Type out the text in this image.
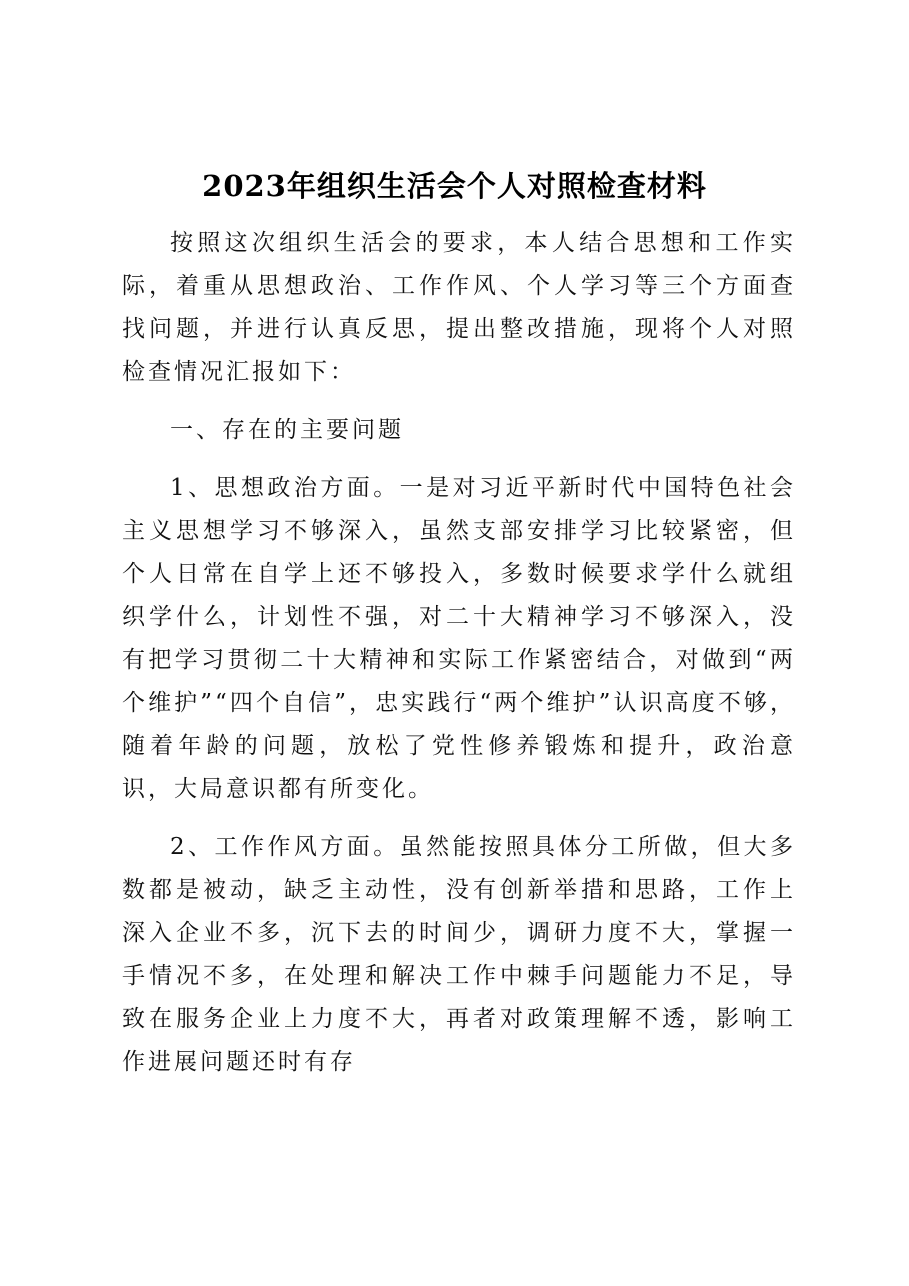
2023年组织生活会个人对照检查材料

按照这次组织生活会的要求，本人结合思想和工作实际，着重从思想政治、工作作风、个人学习等三个方面查找问题，并进行认真反思，提出整改措施，现将个人对照检查情况汇报如下：

一、存在的主要问题

1、思想政治方面。一是对习近平新时代中国特色社会主义思想学习不够深入，虽然支部安排学习比较紧密，但个人日常在自学上还不够投入，多数时候要求学什么就组织学什么，计划性不强，对二十大精神学习不够深入，没有把学习贯彻二十大精神和实际工作紧密结合，对做到“两个维护”“四个自信”，忠实践行“两个维护”认识高度不够，随着年龄的问题，放松了党性修养锻炼和提升，政治意识，大局意识都有所变化。

2、工作作风方面。虽然能按照具体分工所做，但大多数都是被动，缺乏主动性，没有创新举措和思路，工作上深入企业不多，沉下去的时间少，调研力度不大，掌握一手情况不多，在处理和解决工作中棘手问题能力不足，导致在服务企业上力度不大，再者对政策理解不透，影响工作进展问题还时有存
